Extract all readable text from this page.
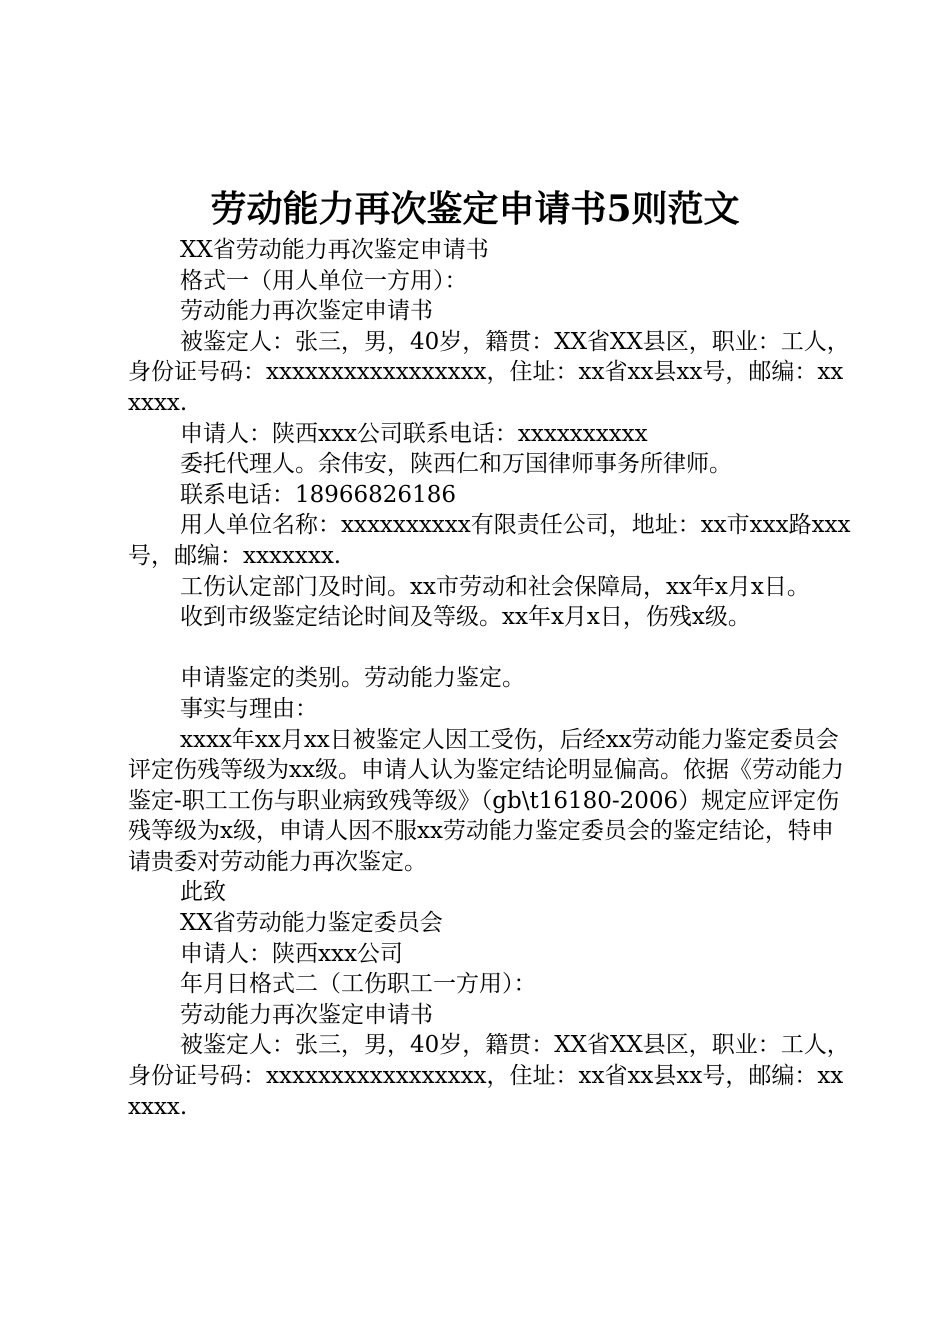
劳动能力再次鉴定申请书5则范文

XX省劳动能力再次鉴定申请书

格式一（用人单位一方用）：

劳动能力再次鉴定申请书

被鉴定人：张三，男，40岁，籍贯：XX省XX县区，职业：工人，身份证号码：xxxxxxxxxxxxxxxxx，住址：xx省xx县xx号，邮编：xxxxxx.

申请人：陕西xxx公司联系电话：xxxxxxxxxx

委托代理人。余伟安，陕西仁和万国律师事务所律师。

联系电话：18966826186

用人单位名称：xxxxxxxxxx有限责任公司，地址：xx市xxx路xxx号，邮编：xxxxxxx.

工伤认定部门及时间。xx市劳动和社会保障局，xx年x月x日。

收到市级鉴定结论时间及等级。xx年x月x日，伤残x级。

申请鉴定的类别。劳动能力鉴定。

事实与理由：

xxxx年xx月xx日被鉴定人因工受伤，后经xx劳动能力鉴定委员会评定伤残等级为xx级。申请人认为鉴定结论明显偏高。依据《劳动能力鉴定-职工工伤与职业病致残等级》（gb\t16180-2006）规定应评定伤残等级为x级，申请人因不服xx劳动能力鉴定委员会的鉴定结论，特申请贵委对劳动能力再次鉴定。

此致

XX省劳动能力鉴定委员会

申请人：陕西xxx公司

年月日格式二（工伤职工一方用）：

劳动能力再次鉴定申请书

被鉴定人：张三，男，40岁，籍贯：XX省XX县区，职业：工人，身份证号码：xxxxxxxxxxxxxxxxx，住址：xx省xx县xx号，邮编：xxxxxx.
